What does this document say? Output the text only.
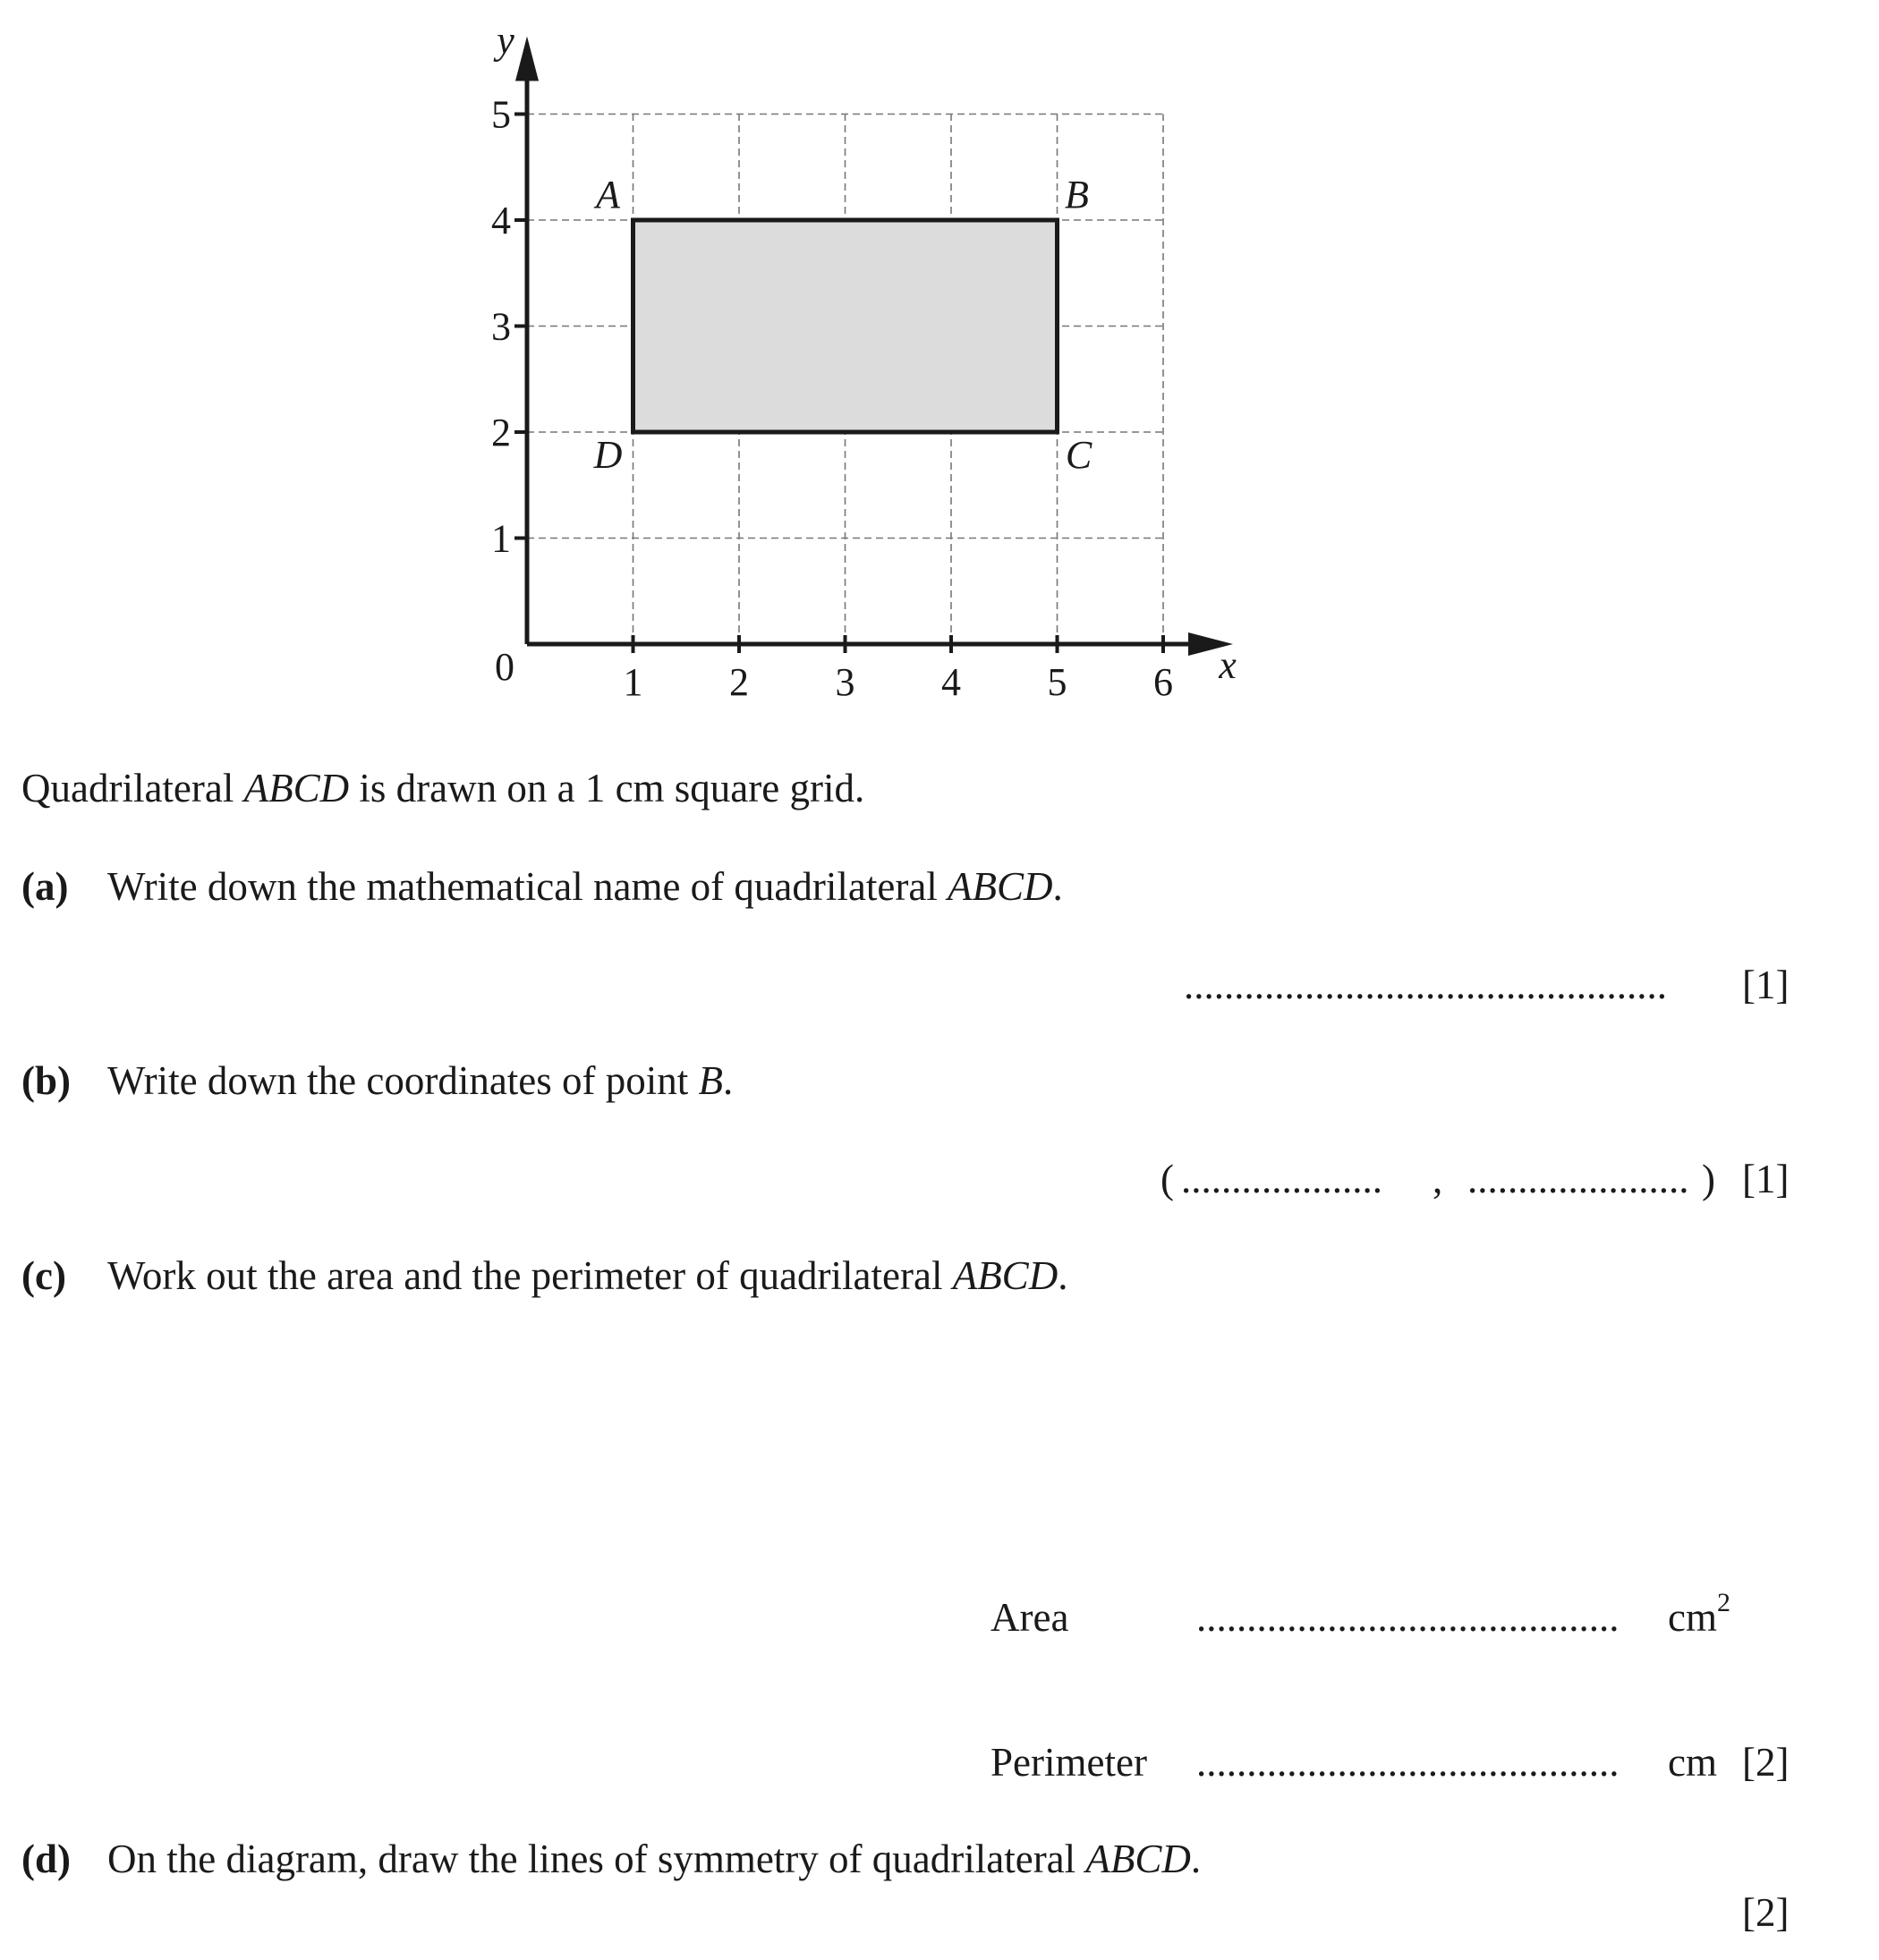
1 2 3 4 5 6
1
2
3
4
5
0	x
y
A	B
C
D
Quadrilateral ABCD is drawn on a 1 cm square grid.
(a) Write down the mathematical name of quadrilateral ABCD.
................................................ [1]
(b) Write down the coordinates of point B.
( .................... , ...................... ) [1]
(c) Work out the area and the perimeter of quadrilateral ABCD.
Area	.......................................... $cm^2$
Perimeter .......................................... cm [2]
(d) On the diagram, draw the lines of symmetry of quadrilateral ABCD.
[2]
